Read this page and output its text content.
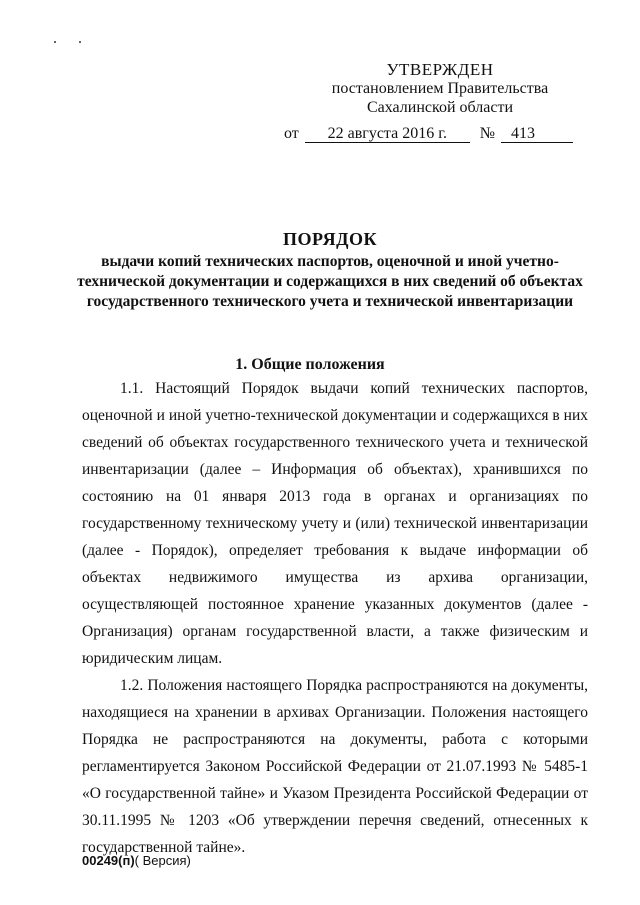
УТВЕРЖДЕН
постановлением Правительства
Сахалинской области
от 22 августа 2016 г. № 413
ПОРЯДОК
выдачи копий технических паспортов, оценочной и иной учетно-технической документации и содержащихся в них сведений об объектах государственного технического учета и технической инвентаризации
1. Общие положения

1.1. Настоящий Порядок выдачи копий технических паспортов, оценочной и иной учетно-технической документации и содержащихся в них сведений об объектах государственного технического учета и технической инвентаризации (далее – Информация об объектах), хранившихся по состоянию на 01 января 2013 года в органах и организациях по государственному техническому учету и (или) технической инвентаризации (далее - Порядок), определяет требования к выдаче информации об объектах недвижимого имущества из архива организации, осуществляющей постоянное хранение указанных документов (далее - Организация) органам государственной власти, а также физическим и юридическим лицам.

1.2. Положения настоящего Порядка распространяются на документы, находящиеся на хранении в архивах Организации. Положения настоящего Порядка не распространяются на документы, работа с которыми регламентируется Законом Российской Федерации от 21.07.1993 № 5485-1 «О государственной тайне» и Указом Президента Российской Федерации от 30.11.1995 № 1203 «Об утверждении перечня сведений, отнесенных к государственной тайне».

00249(п)( Версия)
